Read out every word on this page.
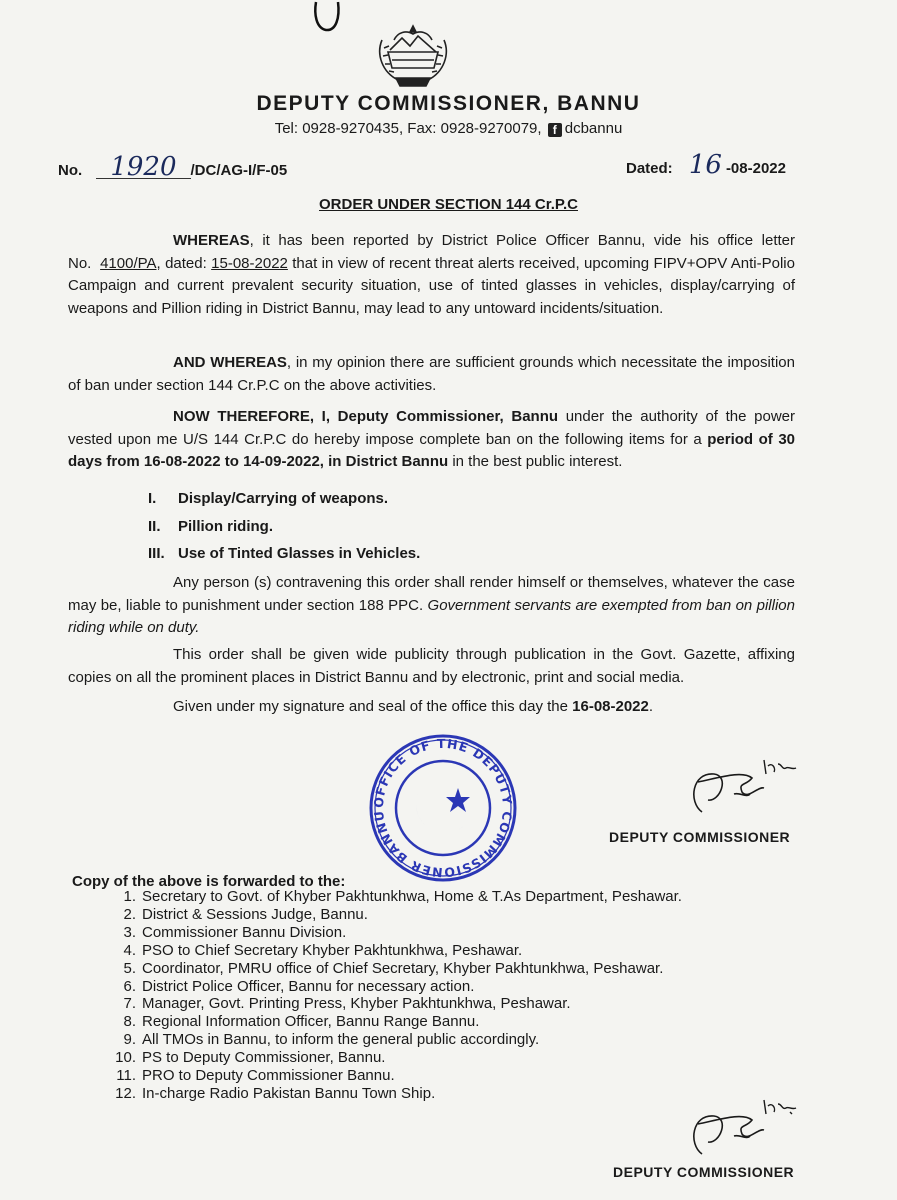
DEPUTY COMMISSIONER, BANNU
Tel: 0928-9270435, Fax: 0928-9270079, f dcbannu
No. 1920 /DC/AG-I/F-05	Dated: 16 -08-2022
ORDER UNDER SECTION 144 Cr.P.C
WHEREAS, it has been reported by District Police Officer Bannu, vide his office letter No. 4100/PA, dated: 15-08-2022 that in view of recent threat alerts received, upcoming FIPV+OPV Anti-Polio Campaign and current prevalent security situation, use of tinted glasses in vehicles, display/carrying of weapons and Pillion riding in District Bannu, may lead to any untoward incidents/situation.
AND WHEREAS, in my opinion there are sufficient grounds which necessitate the imposition of ban under section 144 Cr.P.C on the above activities.
NOW THEREFORE, I, Deputy Commissioner, Bannu under the authority of the power vested upon me U/S 144 Cr.P.C do hereby impose complete ban on the following items for a period of 30 days from 16-08-2022 to 14-09-2022, in District Bannu in the best public interest.
I. Display/Carrying of weapons.
II. Pillion riding.
III. Use of Tinted Glasses in Vehicles.
Any person (s) contravening this order shall render himself or themselves, whatever the case may be, liable to punishment under section 188 PPC. Government servants are exempted from ban on pillion riding while on duty.
This order shall be given wide publicity through publication in the Govt. Gazette, affixing copies on all the prominent places in District Bannu and by electronic, print and social media.
Given under my signature and seal of the office this day the 16-08-2022.
OFFICE OF THE DEPUTY COMMISSIONER BANNU
DEPUTY COMMISSIONER
Copy of the above is forwarded to the:
1. Secretary to Govt. of Khyber Pakhtunkhwa, Home & T.As Department, Peshawar.
2. District & Sessions Judge, Bannu.
3. Commissioner Bannu Division.
4. PSO to Chief Secretary Khyber Pakhtunkhwa, Peshawar.
5. Coordinator, PMRU office of Chief Secretary, Khyber Pakhtunkhwa, Peshawar.
6. District Police Officer, Bannu for necessary action.
7. Manager, Govt. Printing Press, Khyber Pakhtunkhwa, Peshawar.
8. Regional Information Officer, Bannu Range Bannu.
9. All TMOs in Bannu, to inform the general public accordingly.
10. PS to Deputy Commissioner, Bannu.
11. PRO to Deputy Commissioner Bannu.
12. In-charge Radio Pakistan Bannu Town Ship.
DEPUTY COMMISSIONER
